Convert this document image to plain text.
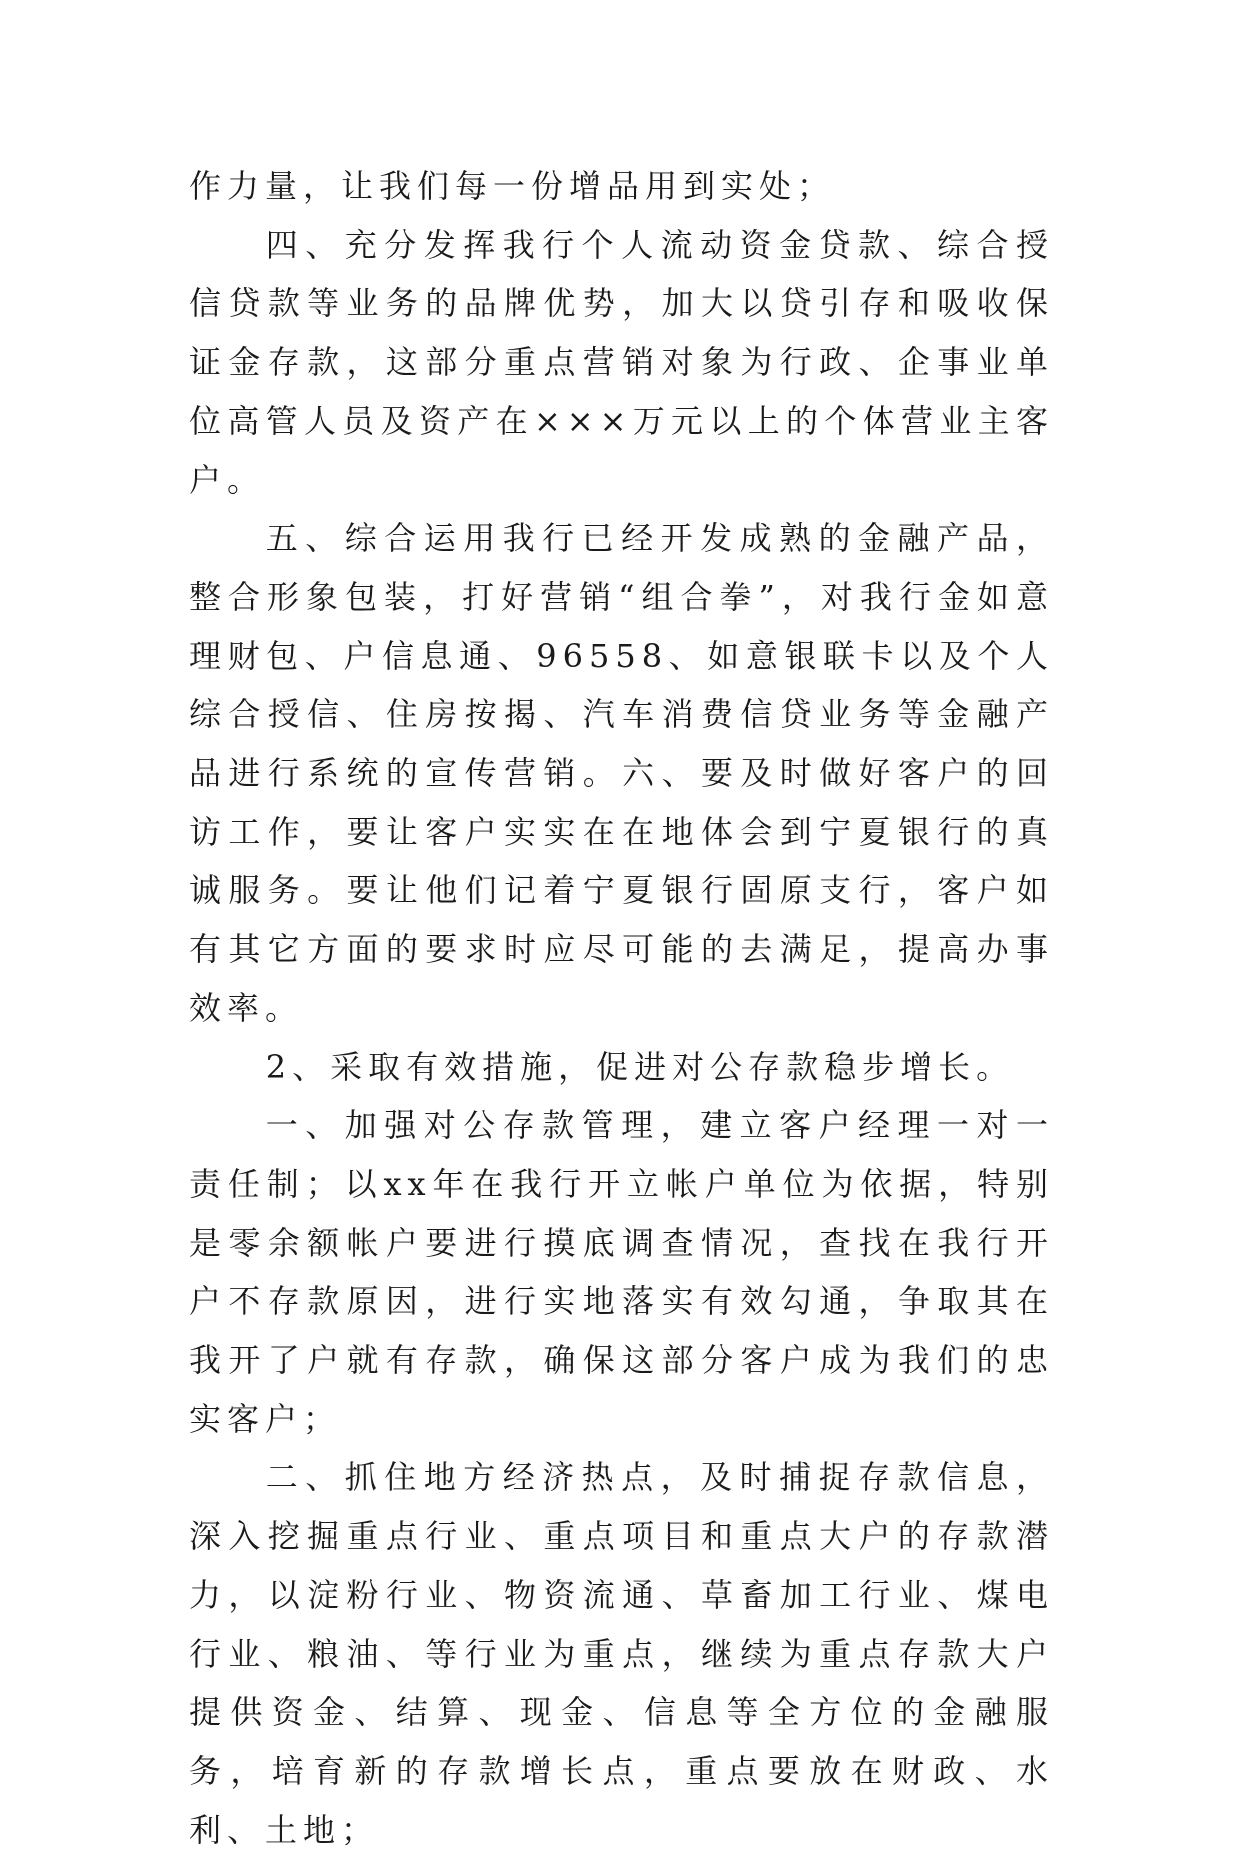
作力量，让我们每一份增品用到实处；

四、充分发挥我行个人流动资金贷款、综合授信贷款等业务的品牌优势，加大以贷引存和吸收保证金存款，这部分重点营销对象为行政、企事业单位高管人员及资产在×××万元以上的个体营业主客户。

五、综合运用我行已经开发成熟的金融产品，整合形象包装，打好营销“组合拳”，对我行金如意理财包、户信息通、96558、如意银联卡以及个人综合授信、住房按揭、汽车消费信贷业务等金融产品进行系统的宣传营销。六、要及时做好客户的回访工作，要让客户实实在在地体会到宁夏银行的真诚服务。要让他们记着宁夏银行固原支行，客户如有其它方面的要求时应尽可能的去满足，提高办事效率。

2、采取有效措施，促进对公存款稳步增长。

一、加强对公存款管理，建立客户经理一对一责任制；以xx年在我行开立帐户单位为依据，特别是零余额帐户要进行摸底调查情况，查找在我行开户不存款原因，进行实地落实有效勾通，争取其在我开了户就有存款，确保这部分客户成为我们的忠实客户；

二、抓住地方经济热点，及时捕捉存款信息，深入挖掘重点行业、重点项目和重点大户的存款潜力，以淀粉行业、物资流通、草畜加工行业、煤电行业、粮油、等行业为重点，继续为重点存款大户提供资金、结算、现金、信息等全方位的金融服务，培育新的存款增长点，重点要放在财政、水利、土地；
